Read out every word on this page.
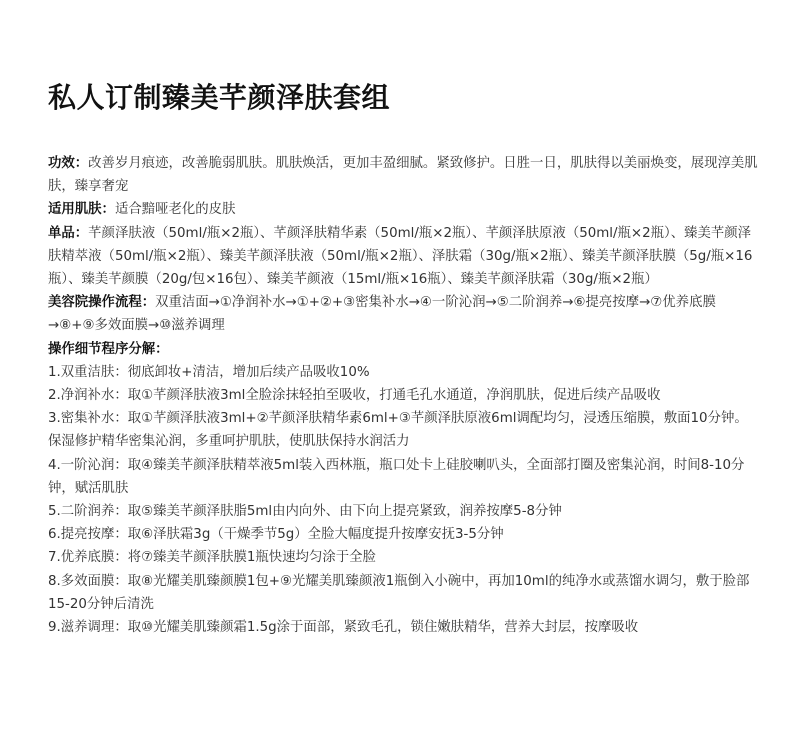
私人订制臻美芊颜泽肤套组

功效：改善岁月痕迹，改善脆弱肌肤。肌肤焕活，更加丰盈细腻。紧致修护。日胜一日，肌肤得以美丽焕变，展现淳美肌肤，臻享奢宠

适用肌肤：适合黯哑老化的皮肤

单品：芊颜泽肤液（50ml/瓶×2瓶）、芊颜泽肤精华素（50ml/瓶×2瓶）、芊颜泽肤原液（50ml/瓶×2瓶）、臻美芊颜泽肤精萃液（50ml/瓶×2瓶）、臻美芊颜泽肤液（50ml/瓶×2瓶）、泽肤霜（30g/瓶×2瓶）、臻美芊颜泽肤膜（5g/瓶×16瓶）、臻美芊颜膜（20g/包×16包）、臻美芊颜液（15ml/瓶×16瓶）、臻美芊颜泽肤霜（30g/瓶×2瓶）

美容院操作流程：双重洁面→①净润补水→①+②+③密集补水→④一阶沁润→⑤二阶润养→⑥提亮按摩→⑦优养底膜→⑧+⑨多效面膜→⑩滋养调理

操作细节程序分解：

1.双重洁肤：彻底卸妆+清洁，增加后续产品吸收10%

2.净润补水：取①芊颜泽肤液3ml全脸涂抹轻拍至吸收，打通毛孔水通道，净润肌肤，促进后续产品吸收

3.密集补水：取①芊颜泽肤液3ml+②芊颜泽肤精华素6ml+③芊颜泽肤原液6ml调配均匀，浸透压缩膜，敷面10分钟。保湿修护精华密集沁润，多重呵护肌肤，使肌肤保持水润活力

4.一阶沁润：取④臻美芊颜泽肤精萃液5ml装入西林瓶，瓶口处卡上硅胶喇叭头，全面部打圈及密集沁润，时间8-10分钟，赋活肌肤

5.二阶润养：取⑤臻美芊颜泽肤脂5ml由内向外、由下向上提亮紧致，润养按摩5-8分钟

6.提亮按摩：取⑥泽肤霜3g（干燥季节5g）全脸大幅度提升按摩安抚3-5分钟

7.优养底膜：将⑦臻美芊颜泽肤膜1瓶快速均匀涂于全脸

8.多效面膜：取⑧光耀美肌臻颜膜1包+⑨光耀美肌臻颜液1瓶倒入小碗中，再加10ml的纯净水或蒸馏水调匀，敷于脸部15-20分钟后清洗

9.滋养调理：取⑩光耀美肌臻颜霜1.5g涂于面部，紧致毛孔，锁住嫩肤精华，营养大封层，按摩吸收
